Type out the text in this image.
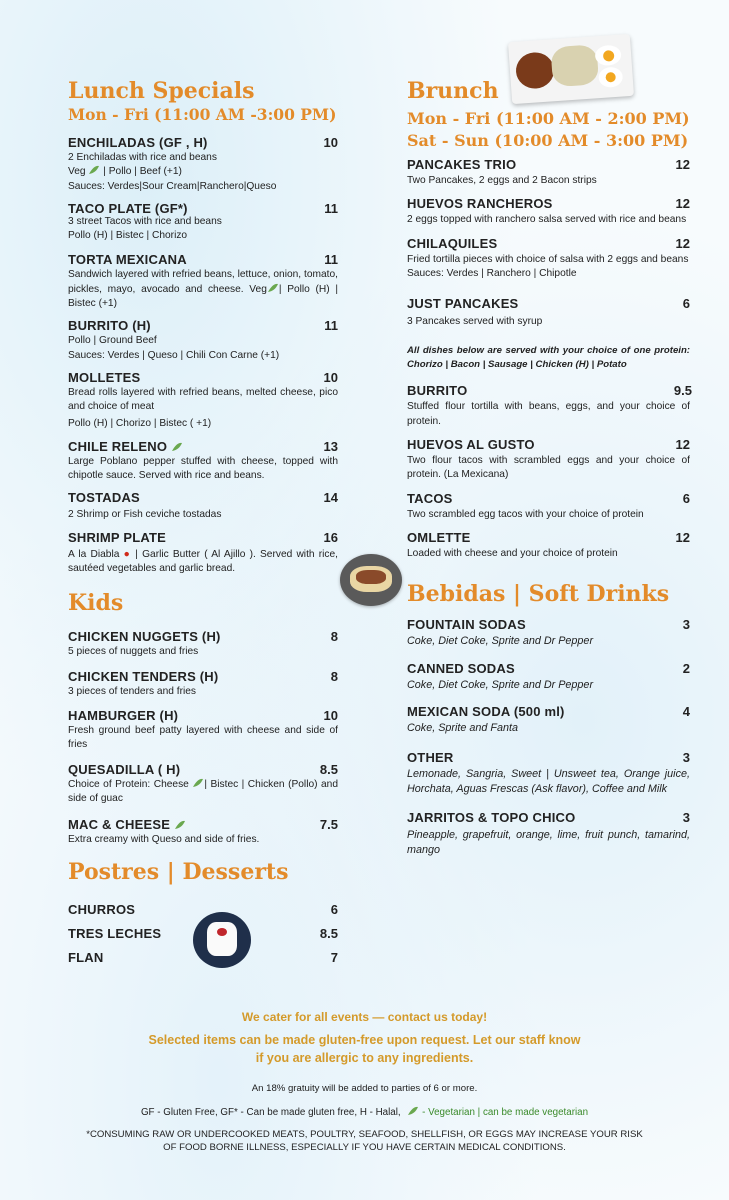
Lunch Specials
Mon - Fri (11:00 AM -3:00 PM)
ENCHILADAS (GF , H)	10
2 Enchiladas with rice and beans
Veg  | Pollo | Beef (+1)
Sauces: Verdes|Sour Cream|Ranchero|Queso
TACO PLATE (GF*)	11
3 street Tacos with rice and beans
Pollo (H) | Bistec | Chorizo
TORTA MEXICANA	11
Sandwich layered with refried beans, lettuce, onion, tomato, pickles, mayo, avocado and cheese. Veg | Pollo (H) | Bistec (+1)
BURRITO (H)	11
Pollo | Ground Beef
Sauces: Verdes | Queso | Chili Con Carne (+1)
MOLLETES	10
Bread rolls layered with refried beans, melted cheese, pico and choice of meat
Pollo (H) | Chorizo | Bistec ( +1)
CHILE RELENO	13
Large Poblano pepper stuffed with cheese, topped with chipotle sauce. Served with rice and beans.
TOSTADAS	14
2 Shrimp or Fish ceviche tostadas
SHRIMP PLATE	16
A la Diabla ● | Garlic Butter ( Al Ajillo ). Served with rice, sautéed vegetables and garlic bread.
Kids
CHICKEN NUGGETS (H)	8
5 pieces of nuggets and fries
CHICKEN TENDERS (H)	8
3 pieces of tenders and fries
HAMBURGER (H)	10
Fresh ground beef patty layered with cheese and side of fries
QUESADILLA ( H)	8.5
Choice of Protein: Cheese | Bistec | Chicken (Pollo) and side of guac
MAC & CHEESE	7.5
Extra creamy with Queso and side of fries.
Postres | Desserts
CHURROS	6
TRES LECHES	8.5
FLAN	7
Brunch
Mon - Fri (11:00 AM - 2:00 PM)
Sat - Sun (10:00 AM - 3:00 PM)
PANCAKES TRIO	12
Two Pancakes, 2 eggs and 2 Bacon strips
HUEVOS RANCHEROS	12
2 eggs topped with ranchero salsa served with rice and beans
CHILAQUILES	12
Fried tortilla pieces with choice of salsa with 2 eggs and beans
Sauces: Verdes | Ranchero | Chipotle
JUST PANCAKES	6
3 Pancakes served with syrup
All dishes below are served with your choice of one protein: Chorizo | Bacon | Sausage | Chicken (H) | Potato
BURRITO	9.5
Stuffed flour tortilla with beans, eggs, and your choice of protein.
HUEVOS AL GUSTO	12
Two flour tacos with scrambled eggs and your choice of protein. (La Mexicana)
TACOS	6
Two scrambled egg tacos with your choice of protein
OMLETTE	12
Loaded with cheese and your choice of protein
Bebidas | Soft Drinks
FOUNTAIN SODAS	3
Coke, Diet Coke, Sprite and Dr Pepper
CANNED SODAS	2
Coke, Diet Coke, Sprite and Dr Pepper
MEXICAN SODA (500 ml)	4
Coke, Sprite and Fanta
OTHER	3
Lemonade, Sangria, Sweet | Unsweet tea, Orange juice, Horchata, Aguas Frescas (Ask flavor), Coffee and Milk
JARRITOS & TOPO CHICO	3
Pineapple, grapefruit, orange, lime, fruit punch, tamarind, mango
We cater for all events — contact us today!
Selected items can be made gluten-free upon request. Let our staff know
if you are allergic to any ingredients.
An 18% gratuity will be added to parties of 6 or more.
GF - Gluten Free, GF* - Can be made gluten free, H - Halal,  - Vegetarian | can be made vegetarian
*CONSUMING RAW OR UNDERCOOKED MEATS, POULTRY, SEAFOOD, SHELLFISH, OR EGGS MAY INCREASE YOUR RISK
OF FOOD BORNE ILLNESS, ESPECIALLY IF YOU HAVE CERTAIN MEDICAL CONDITIONS.
